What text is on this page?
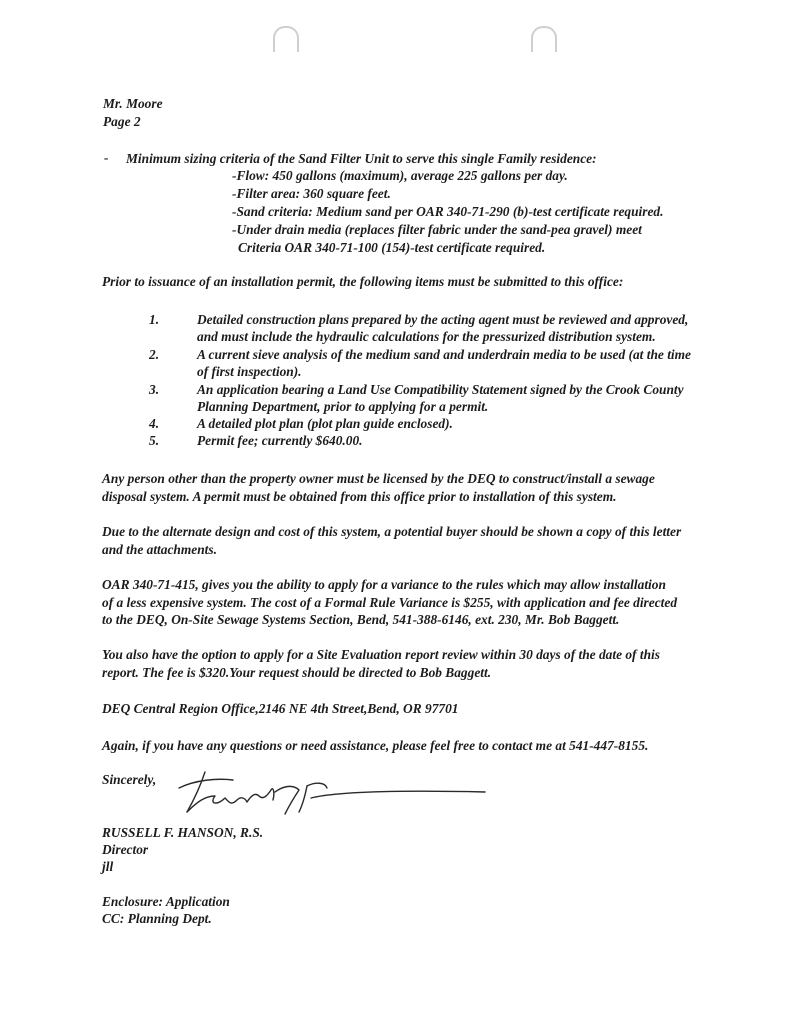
Mr. Moore
Page 2
- Minimum sizing criteria of the Sand Filter Unit to serve this single Family residence:
-Flow: 450 gallons (maximum), average 225 gallons per day.
-Filter area: 360 square feet.
-Sand criteria: Medium sand per OAR 340-71-290 (b)-test certificate required.
-Under drain media (replaces filter fabric under the sand-pea gravel) meet
Criteria OAR 340-71-100 (154)-test certificate required.
Prior to issuance of an installation permit, the following items must be submitted to this office:
1.	Detailed construction plans prepared by the acting agent must be reviewed and approved,
and must include the hydraulic calculations for the pressurized distribution system.
2.	A current sieve analysis of the medium sand and underdrain media to be used (at the time
of first inspection).
3.	An application bearing a Land Use Compatibility Statement signed by the Crook County
Planning Department, prior to applying for a permit.
4.	A detailed plot plan (plot plan guide enclosed).
5.	Permit fee; currently $640.00.
Any person other than the property owner must be licensed by the DEQ to construct/install a sewage
disposal system. A permit must be obtained from this office prior to installation of this system.
Due to the alternate design and cost of this system, a potential buyer should be shown a copy of this letter
and the attachments.
OAR 340-71-415, gives you the ability to apply for a variance to the rules which may allow installation
of a less expensive system. The cost of a Formal Rule Variance is $255, with application and fee directed
to the DEQ, On-Site Sewage Systems Section, Bend, 541-388-6146, ext. 230, Mr. Bob Baggett.
You also have the option to apply for a Site Evaluation report review within 30 days of the date of this
report. The fee is $320.Your request should be directed to Bob Baggett.
DEQ Central Region Office,2146 NE 4th Street,Bend, OR 97701
Again, if you have any questions or need assistance, please feel free to contact me at 541-447-8155.
Sincerely,
RUSSELL F. HANSON, R.S.
Director
jll
Enclosure: Application
CC: Planning Dept.
